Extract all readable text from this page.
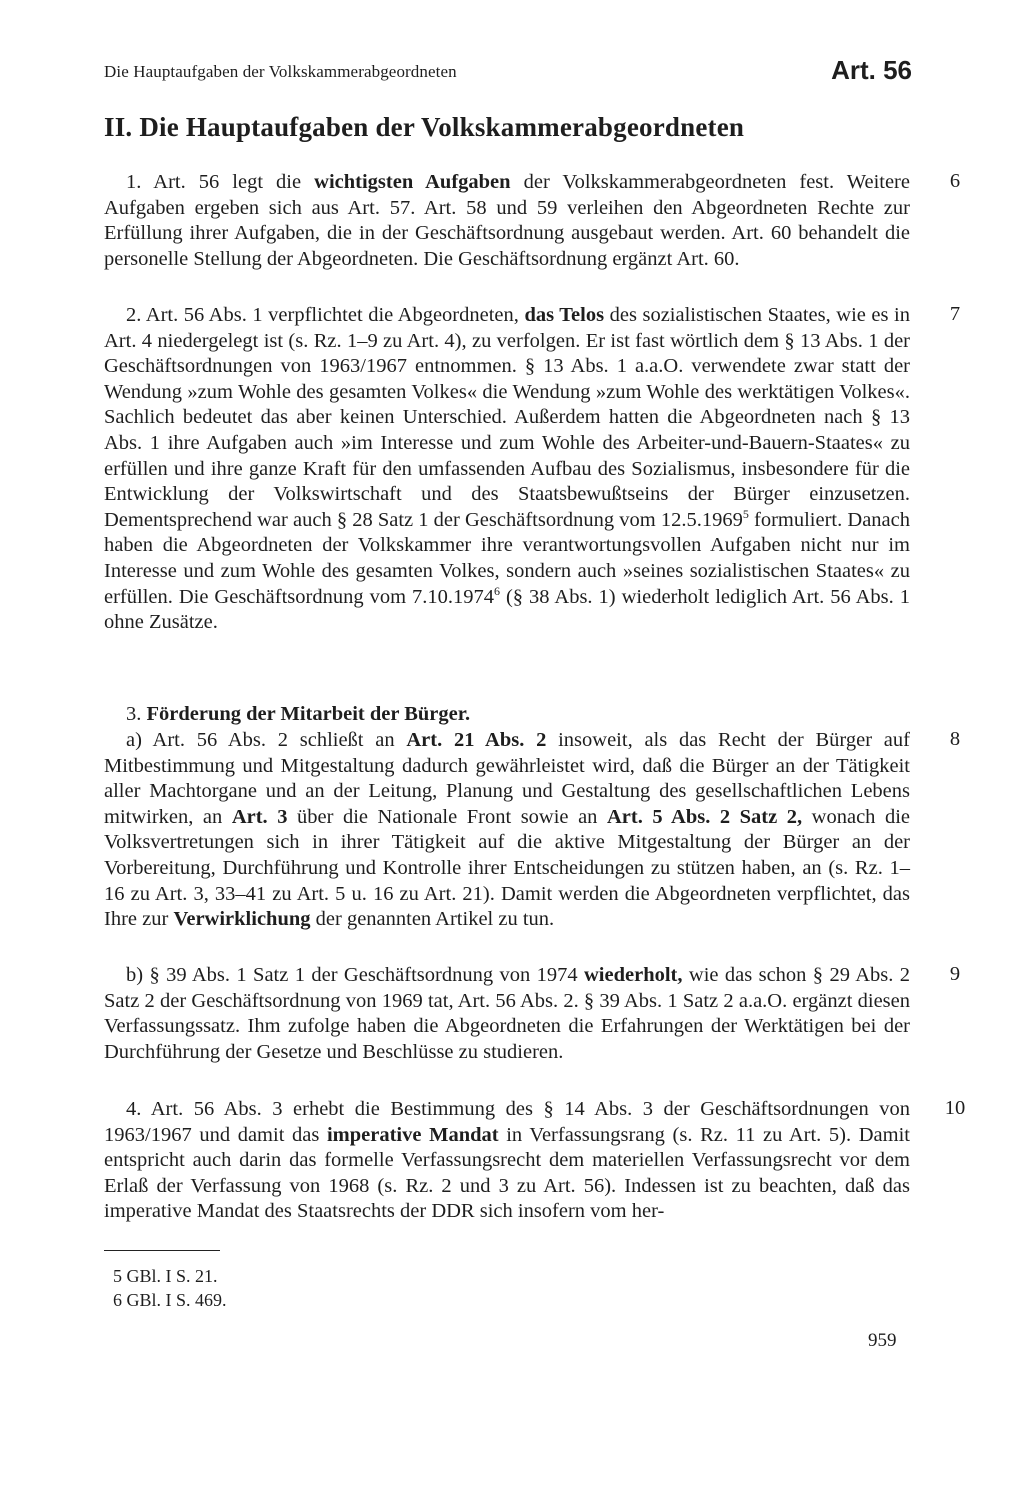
Die Hauptaufgaben der Volkskammerabgeordneten	Art. 56
II. Die Hauptaufgaben der Volkskammerabgeordneten
1. Art. 56 legt die wichtigsten Aufgaben der Volkskammerabgeordneten fest. Weitere Aufgaben ergeben sich aus Art. 57. Art. 58 und 59 verleihen den Abgeordneten Rechte zur Erfüllung ihrer Aufgaben, die in der Geschäftsordnung ausgebaut werden. Art. 60 behandelt die personelle Stellung der Abgeordneten. Die Geschäftsordnung ergänzt Art. 60.
6
2. Art. 56 Abs. 1 verpflichtet die Abgeordneten, das Telos des sozialistischen Staates, wie es in Art. 4 niedergelegt ist (s. Rz. 1–9 zu Art. 4), zu verfolgen. Er ist fast wörtlich dem § 13 Abs. 1 der Geschäftsordnungen von 1963/1967 entnommen. § 13 Abs. 1 a.a.O. verwendete zwar statt der Wendung »zum Wohle des gesamten Volkes« die Wendung »zum Wohle des werktätigen Volkes«. Sachlich bedeutet das aber keinen Unterschied. Außerdem hatten die Abgeordneten nach § 13 Abs. 1 ihre Aufgaben auch »im Interesse und zum Wohle des Arbeiter-und-Bauern-Staates« zu erfüllen und ihre ganze Kraft für den umfassenden Aufbau des Sozialismus, insbesondere für die Entwicklung der Volkswirtschaft und des Staatsbewußtseins der Bürger einzusetzen. Dementsprechend war auch § 28 Satz 1 der Geschäftsordnung vom 12.5.1969$^5$ formuliert. Danach haben die Abgeordneten der Volkskammer ihre verantwortungsvollen Aufgaben nicht nur im Interesse und zum Wohle des gesamten Volkes, sondern auch »seines sozialistischen Staates« zu erfüllen. Die Geschäftsordnung vom 7.10.1974$^6$ (§ 38 Abs. 1) wiederholt lediglich Art. 56 Abs. 1 ohne Zusätze.
7
3. Förderung der Mitarbeit der Bürger.
a) Art. 56 Abs. 2 schließt an Art. 21 Abs. 2 insoweit, als das Recht der Bürger auf Mitbestimmung und Mitgestaltung dadurch gewährleistet wird, daß die Bürger an der Tätigkeit aller Machtorgane und an der Leitung, Planung und Gestaltung des gesellschaftlichen Lebens mitwirken, an Art. 3 über die Nationale Front sowie an Art. 5 Abs. 2 Satz 2, wonach die Volksvertretungen sich in ihrer Tätigkeit auf die aktive Mitgestaltung der Bürger an der Vorbereitung, Durchführung und Kontrolle ihrer Entscheidungen zu stützen haben, an (s. Rz. 1–16 zu Art. 3, 33–41 zu Art. 5 u. 16 zu Art. 21). Damit werden die Abgeordneten verpflichtet, das Ihre zur Verwirklichung der genannten Artikel zu tun.
8
b) § 39 Abs. 1 Satz 1 der Geschäftsordnung von 1974 wiederholt, wie das schon § 29 Abs. 2 Satz 2 der Geschäftsordnung von 1969 tat, Art. 56 Abs. 2. § 39 Abs. 1 Satz 2 a.a.O. ergänzt diesen Verfassungssatz. Ihm zufolge haben die Abgeordneten die Erfahrungen der Werktätigen bei der Durchführung der Gesetze und Beschlüsse zu studieren.
9
4. Art. 56 Abs. 3 erhebt die Bestimmung des § 14 Abs. 3 der Geschäftsordnungen von 1963/1967 und damit das imperative Mandat in Verfassungsrang (s. Rz. 11 zu Art. 5). Damit entspricht auch darin das formelle Verfassungsrecht dem materiellen Verfassungsrecht vor dem Erlaß der Verfassung von 1968 (s. Rz. 2 und 3 zu Art. 56). Indessen ist zu beachten, daß das imperative Mandat des Staatsrechts der DDR sich insofern vom her-
10
5 GBl. I S. 21.
6 GBl. I S. 469.
959
